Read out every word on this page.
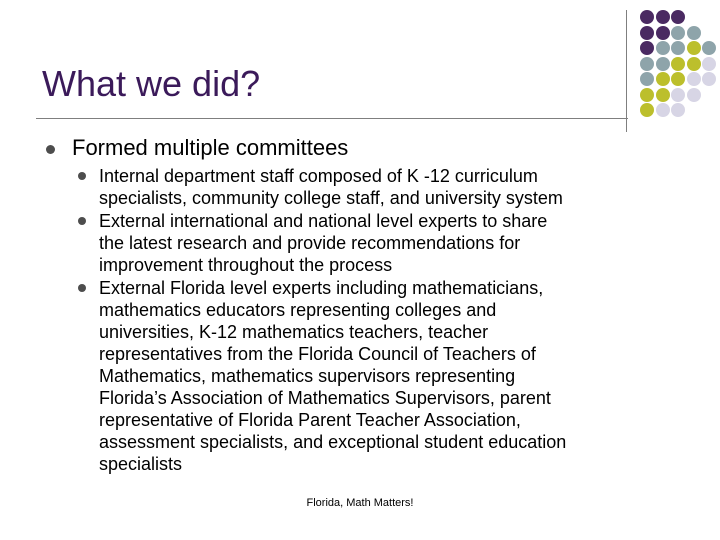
What we did?
Formed multiple committees
Internal department staff composed of K -12 curriculum
specialists, community college staff, and university system
External international and national level experts to share
the latest research and provide recommendations for
improvement throughout the process
External Florida level experts including mathematicians,
mathematics educators representing colleges and
universities, K-12 mathematics teachers, teacher
representatives from the Florida Council of Teachers of
Mathematics, mathematics supervisors representing
Florida’s Association of Mathematics Supervisors, parent
representative of Florida Parent Teacher Association,
assessment specialists, and exceptional student education
specialists
Florida, Math Matters!
